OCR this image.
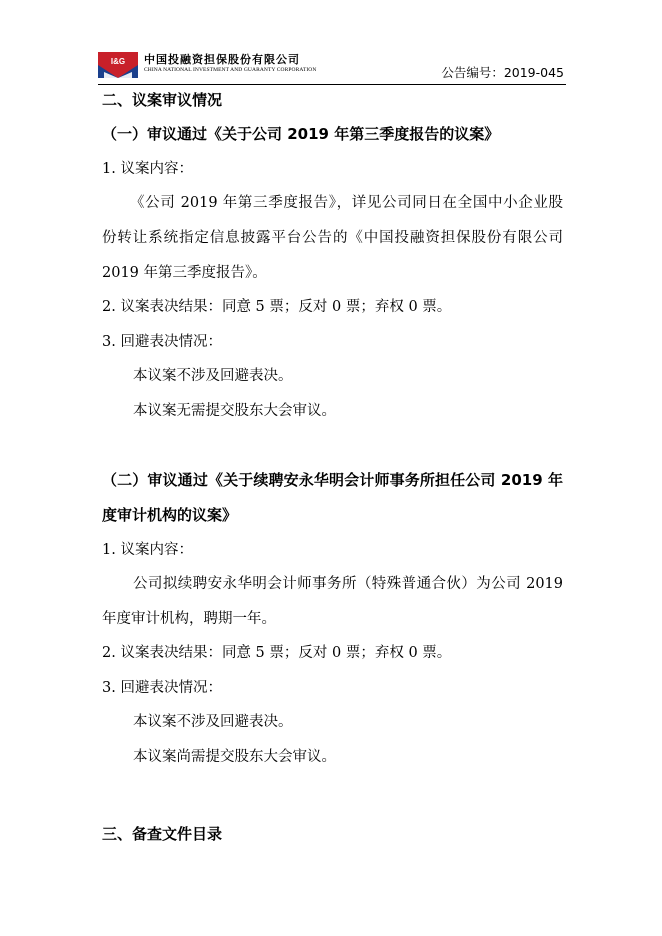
I&G 中国投融资担保股份有限公司
CHINA NATIONAL INVESTMENT AND GUARANTY CORPORATION	公告编号：2019-045
二、议案审议情况
（一）审议通过《关于公司 2019 年第三季度报告的议案》
1. 议案内容：
《公司 2019 年第三季度报告》，详见公司同日在全国中小企业股
份转让系统指定信息披露平台公告的《中国投融资担保股份有限公司
2019 年第三季度报告》。
2. 议案表决结果：同意 5 票；反对 0 票；弃权 0 票。
3. 回避表决情况：
本议案不涉及回避表决。
本议案无需提交股东大会审议。
（二）审议通过《关于续聘安永华明会计师事务所担任公司 2019 年
度审计机构的议案》
1. 议案内容：
公司拟续聘安永华明会计师事务所（特殊普通合伙）为公司 2019
年度审计机构，聘期一年。
2. 议案表决结果：同意 5 票；反对 0 票；弃权 0 票。
3. 回避表决情况：
本议案不涉及回避表决。
本议案尚需提交股东大会审议。
三、备查文件目录
